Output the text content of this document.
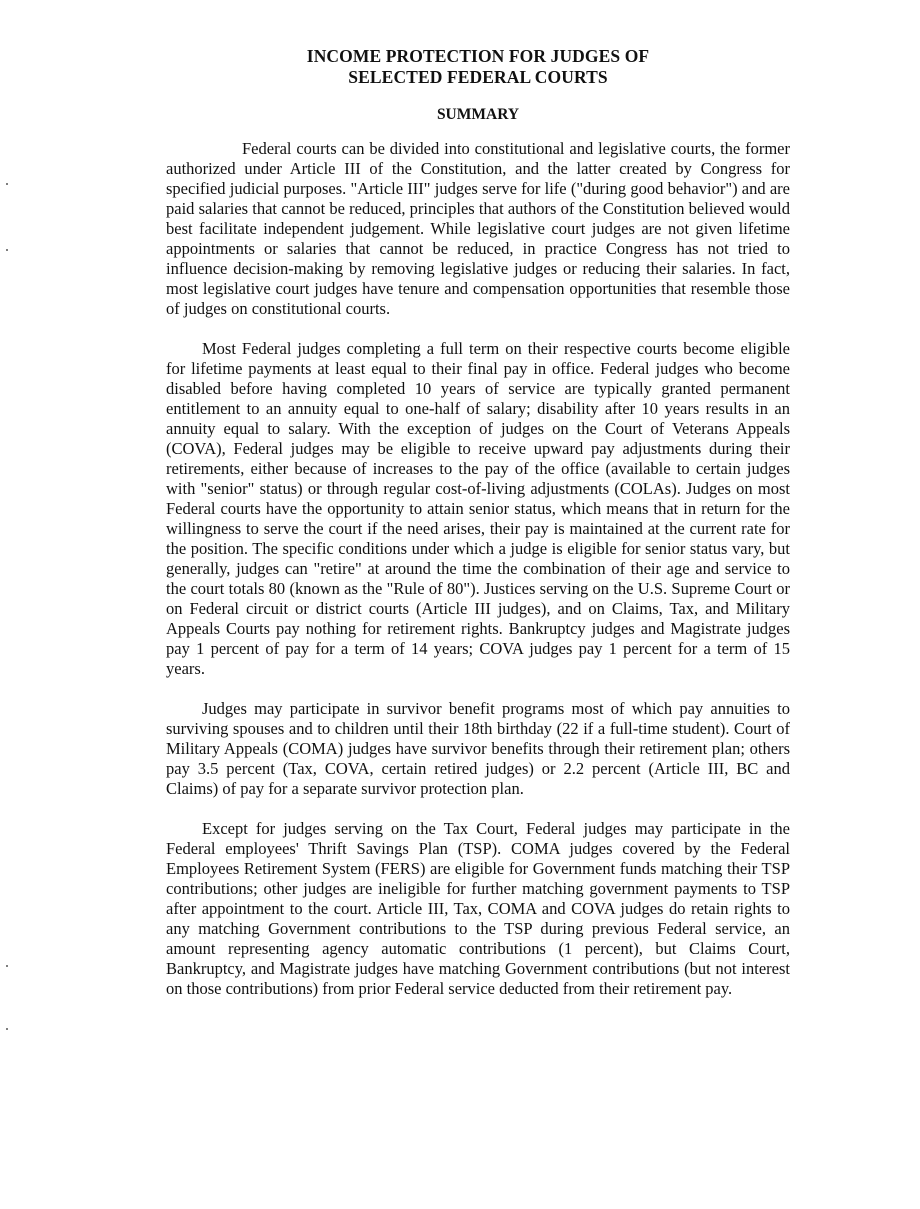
INCOME PROTECTION FOR JUDGES OF
SELECTED FEDERAL COURTS
SUMMARY

Federal courts can be divided into constitutional and legislative courts, the former authorized under Article III of the Constitution, and the latter created by Congress for specified judicial purposes. "Article III" judges serve for life ("during good behavior") and are paid salaries that cannot be reduced, principles that authors of the Constitution believed would best facilitate independent judgement. While legislative court judges are not given lifetime appointments or salaries that cannot be reduced, in practice Congress has not tried to influence decision-making by removing legislative judges or reducing their salaries. In fact, most legislative court judges have tenure and compensation opportunities that resemble those of judges on constitutional courts.

Most Federal judges completing a full term on their respective courts become eligible for lifetime payments at least equal to their final pay in office. Federal judges who become disabled before having completed 10 years of service are typically granted permanent entitlement to an annuity equal to one-half of salary; disability after 10 years results in an annuity equal to salary. With the exception of judges on the Court of Veterans Appeals (COVA), Federal judges may be eligible to receive upward pay adjustments during their retirements, either because of increases to the pay of the office (available to certain judges with "senior" status) or through regular cost-of-living adjustments (COLAs). Judges on most Federal courts have the opportunity to attain senior status, which means that in return for the willingness to serve the court if the need arises, their pay is maintained at the current rate for the position. The specific conditions under which a judge is eligible for senior status vary, but generally, judges can "retire" at around the time the combination of their age and service to the court totals 80 (known as the "Rule of 80"). Justices serving on the U.S. Supreme Court or on Federal circuit or district courts (Article III judges), and on Claims, Tax, and Military Appeals Courts pay nothing for retirement rights. Bankruptcy judges and Magistrate judges pay 1 percent of pay for a term of 14 years; COVA judges pay 1 percent for a term of 15 years.

Judges may participate in survivor benefit programs most of which pay annuities to surviving spouses and to children until their 18th birthday (22 if a full-time student). Court of Military Appeals (COMA) judges have survivor benefits through their retirement plan; others pay 3.5 percent (Tax, COVA, certain retired judges) or 2.2 percent (Article III, BC and Claims) of pay for a separate survivor protection plan.

Except for judges serving on the Tax Court, Federal judges may participate in the Federal employees' Thrift Savings Plan (TSP). COMA judges covered by the Federal Employees Retirement System (FERS) are eligible for Government funds matching their TSP contributions; other judges are ineligible for further matching government payments to TSP after appointment to the court. Article III, Tax, COMA and COVA judges do retain rights to any matching Government contributions to the TSP during previous Federal service, an amount representing agency automatic contributions (1 percent), but Claims Court, Bankruptcy, and Magistrate judges have matching Government contributions (but not interest on those contributions) from prior Federal service deducted from their retirement pay.
